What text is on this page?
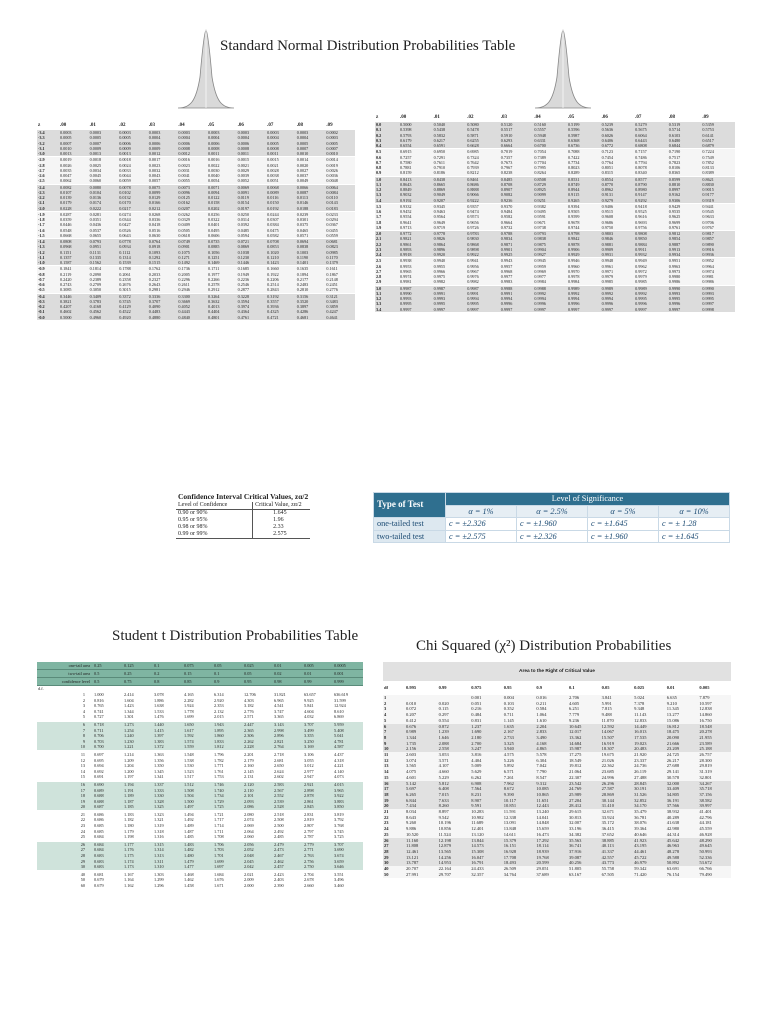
Standard Normal Distribution Probabilities Table
z	.00	.01	.02	.03	.04	.05	.06	.07	.08	.09
-3.4	0.0003	0.0003	0.0003	0.0003	0.0003	0.0003	0.0003	0.0003	0.0003	0.0002
-3.3	0.0005	0.0005	0.0005	0.0004	0.0004	0.0004	0.0004	0.0004	0.0004	0.0003
-3.2	0.0007	0.0007	0.0006	0.0006	0.0006	0.0006	0.0006	0.0005	0.0005	0.0005
-3.1	0.0010	0.0009	0.0009	0.0009	0.0008	0.0008	0.0008	0.0008	0.0007	0.0007
-3.0	0.0013	0.0013	0.0013	0.0012	0.0012	0.0011	0.0011	0.0011	0.0010	0.0010
-2.9	0.0019	0.0018	0.0018	0.0017	0.0016	0.0016	0.0015	0.0015	0.0014	0.0014
-2.8	0.0026	0.0025	0.0024	0.0023	0.0023	0.0022	0.0021	0.0021	0.0020	0.0019
-2.7	0.0035	0.0034	0.0033	0.0032	0.0031	0.0030	0.0029	0.0028	0.0027	0.0026
-2.6	0.0047	0.0045	0.0044	0.0043	0.0041	0.0040	0.0039	0.0038	0.0037	0.0036
-2.5	0.0062	0.0060	0.0059	0.0057	0.0055	0.0054	0.0052	0.0051	0.0049	0.0048
-2.4	0.0082	0.0080	0.0078	0.0075	0.0073	0.0071	0.0069	0.0068	0.0066	0.0064
-2.3	0.0107	0.0104	0.0102	0.0099	0.0096	0.0094	0.0091	0.0089	0.0087	0.0084
-2.2	0.0139	0.0136	0.0132	0.0129	0.0125	0.0122	0.0119	0.0116	0.0113	0.0110
-2.1	0.0179	0.0174	0.0170	0.0166	0.0162	0.0158	0.0154	0.0150	0.0146	0.0143
-2.0	0.0228	0.0222	0.0217	0.0212	0.0207	0.0202	0.0197	0.0192	0.0188	0.0183
-1.9	0.0287	0.0281	0.0274	0.0268	0.0262	0.0256	0.0250	0.0244	0.0239	0.0233
-1.8	0.0359	0.0351	0.0344	0.0336	0.0329	0.0322	0.0314	0.0307	0.0301	0.0294
-1.7	0.0446	0.0436	0.0427	0.0418	0.0409	0.0401	0.0392	0.0384	0.0375	0.0367
-1.6	0.0548	0.0537	0.0526	0.0516	0.0505	0.0495	0.0485	0.0475	0.0465	0.0455
-1.5	0.0668	0.0655	0.0643	0.0630	0.0618	0.0606	0.0594	0.0582	0.0571	0.0559
-1.4	0.0808	0.0793	0.0778	0.0764	0.0749	0.0735	0.0721	0.0708	0.0694	0.0681
-1.3	0.0968	0.0951	0.0934	0.0918	0.0901	0.0885	0.0869	0.0853	0.0838	0.0823
-1.2	0.1151	0.1131	0.1112	0.1093	0.1075	0.1056	0.1038	0.1020	0.1003	0.0985
-1.1	0.1357	0.1335	0.1314	0.1292	0.1271	0.1251	0.1230	0.1210	0.1190	0.1170
-1.0	0.1587	0.1562	0.1539	0.1515	0.1492	0.1469	0.1446	0.1423	0.1401	0.1379
-0.9	0.1841	0.1814	0.1788	0.1762	0.1736	0.1711	0.1685	0.1660	0.1635	0.1611
-0.8	0.2119	0.2090	0.2061	0.2033	0.2005	0.1977	0.1949	0.1922	0.1894	0.1867
-0.7	0.2420	0.2389	0.2358	0.2327	0.2296	0.2266	0.2236	0.2206	0.2177	0.2148
-0.6	0.2743	0.2709	0.2676	0.2643	0.2611	0.2578	0.2546	0.2514	0.2483	0.2451
-0.5	0.3085	0.3050	0.3015	0.2981	0.2946	0.2912	0.2877	0.2843	0.2810	0.2776
-0.4	0.3446	0.3409	0.3372	0.3336	0.3300	0.3264	0.3228	0.3192	0.3156	0.3121
-0.3	0.3821	0.3783	0.3745	0.3707	0.3669	0.3632	0.3594	0.3557	0.3520	0.3483
-0.2	0.4207	0.4168	0.4129	0.4090	0.4052	0.4013	0.3974	0.3936	0.3897	0.3859
-0.1	0.4602	0.4562	0.4522	0.4483	0.4443	0.4404	0.4364	0.4325	0.4286	0.4247
-0.0	0.5000	0.4960	0.4920	0.4880	0.4840	0.4801	0.4761	0.4721	0.4681	0.4641
z	.00	.01	.02	.03	.04	.05	.06	.07	.08	.09
0.0	0.5000	0.5040	0.5080	0.5120	0.5160	0.5199	0.5239	0.5279	0.5319	0.5359
0.1	0.5398	0.5438	0.5478	0.5517	0.5557	0.5596	0.5636	0.5675	0.5714	0.5753
0.2	0.5793	0.5832	0.5871	0.5910	0.5948	0.5987	0.6026	0.6064	0.6103	0.6141
0.3	0.6179	0.6217	0.6255	0.6293	0.6331	0.6368	0.6406	0.6443	0.6480	0.6517
0.4	0.6554	0.6591	0.6628	0.6664	0.6700	0.6736	0.6772	0.6808	0.6844	0.6879
0.5	0.6915	0.6950	0.6985	0.7019	0.7054	0.7088	0.7123	0.7157	0.7190	0.7224
0.6	0.7257	0.7291	0.7324	0.7357	0.7389	0.7422	0.7454	0.7486	0.7517	0.7549
0.7	0.7580	0.7611	0.7642	0.7673	0.7704	0.7734	0.7764	0.7794	0.7823	0.7852
0.8	0.7881	0.7910	0.7939	0.7967	0.7995	0.8023	0.8051	0.8078	0.8106	0.8133
0.9	0.8159	0.8186	0.8212	0.8238	0.8264	0.8289	0.8315	0.8340	0.8365	0.8389
1.0	0.8413	0.8438	0.8461	0.8485	0.8508	0.8531	0.8554	0.8577	0.8599	0.8621
1.1	0.8643	0.8665	0.8686	0.8708	0.8729	0.8749	0.8770	0.8790	0.8810	0.8830
1.2	0.8849	0.8869	0.8888	0.8907	0.8925	0.8944	0.8962	0.8980	0.8997	0.9015
1.3	0.9032	0.9049	0.9066	0.9082	0.9099	0.9115	0.9131	0.9147	0.9162	0.9177
1.4	0.9192	0.9207	0.9222	0.9236	0.9251	0.9265	0.9279	0.9292	0.9306	0.9319
1.5	0.9332	0.9345	0.9357	0.9370	0.9382	0.9394	0.9406	0.9418	0.9429	0.9441
1.6	0.9452	0.9463	0.9474	0.9484	0.9495	0.9505	0.9515	0.9525	0.9535	0.9545
1.7	0.9554	0.9564	0.9573	0.9582	0.9591	0.9599	0.9608	0.9616	0.9625	0.9633
1.8	0.9641	0.9649	0.9656	0.9664	0.9671	0.9678	0.9686	0.9693	0.9699	0.9706
1.9	0.9713	0.9719	0.9726	0.9732	0.9738	0.9744	0.9750	0.9756	0.9761	0.9767
2.0	0.9772	0.9778	0.9783	0.9788	0.9793	0.9798	0.9803	0.9808	0.9812	0.9817
2.1	0.9821	0.9826	0.9830	0.9834	0.9838	0.9842	0.9846	0.9850	0.9854	0.9857
2.2	0.9861	0.9864	0.9868	0.9871	0.9875	0.9878	0.9881	0.9884	0.9887	0.9890
2.3	0.9893	0.9896	0.9898	0.9901	0.9904	0.9906	0.9909	0.9911	0.9913	0.9916
2.4	0.9918	0.9920	0.9922	0.9925	0.9927	0.9929	0.9931	0.9932	0.9934	0.9936
2.5	0.9938	0.9940	0.9941	0.9943	0.9945	0.9946	0.9948	0.9949	0.9951	0.9952
2.6	0.9953	0.9955	0.9956	0.9957	0.9959	0.9960	0.9961	0.9962	0.9963	0.9964
2.7	0.9965	0.9966	0.9967	0.9968	0.9969	0.9970	0.9971	0.9972	0.9973	0.9974
2.8	0.9974	0.9975	0.9976	0.9977	0.9977	0.9978	0.9979	0.9979	0.9980	0.9981
2.9	0.9981	0.9982	0.9982	0.9983	0.9984	0.9984	0.9985	0.9985	0.9986	0.9986
3.0	0.9987	0.9987	0.9987	0.9988	0.9988	0.9989	0.9989	0.9989	0.9990	0.9990
3.1	0.9990	0.9991	0.9991	0.9991	0.9992	0.9992	0.9992	0.9992	0.9993	0.9993
3.2	0.9993	0.9993	0.9994	0.9994	0.9994	0.9994	0.9994	0.9995	0.9995	0.9995
3.3	0.9995	0.9995	0.9995	0.9996	0.9996	0.9996	0.9996	0.9996	0.9996	0.9997
3.4	0.9997	0.9997	0.9997	0.9997	0.9997	0.9997	0.9997	0.9997	0.9997	0.9998
Confidence Interval Critical Values, zα/2	
Level of Confidence	Critical Value, zα/2
0.90 or 90%	1.645
0.95 or 95%	1.96
0.98 or 98%	2.33
0.99 or 99%	2.575
Type of Test	Level of Significance			
	α = 1%	α = 2.5%	α = 5%	α = 10%
one-tailed test	c = ±2.326	c = ±1.960	c = ±1.645	c = ± 1.28
two-tailed test	c = ±2.575	c = ±2.326	c = ±1.960	c = ±1.645
Student t Distribution Probabilities Table
one-tail area	0.25	0.125	0.1	0.075	0.05	0.025	0.01	0.005	0.0005
two-tail area	0.5	0.25	0.2	0.15	0.1	0.05	0.02	0.01	0.001
confidence level	0.5	0.75	0.8	0.85	0.9	0.95	0.98	0.99	0.999
d.f.									
1	1.000	2.414	3.078	4.165	6.314	12.706	31.821	63.657	636.619
2	0.816	1.604	1.886	2.282	2.920	4.303	6.965	9.925	31.599
3	0.765	1.423	1.638	1.924	2.353	3.182	4.541	5.841	12.924
4	0.741	1.344	1.533	1.778	2.132	2.776	3.747	4.604	8.610
5	0.727	1.301	1.476	1.699	2.015	2.571	3.365	4.032	6.869
6	0.718	1.273	1.440	1.650	1.943	2.447	3.143	3.707	5.959
7	0.711	1.254	1.415	1.617	1.895	2.365	2.998	3.499	5.408
8	0.706	1.240	1.397	1.592	1.860	2.306	2.896	3.355	5.041
9	0.703	1.230	1.383	1.574	1.833	2.262	2.821	3.250	4.781
10	0.700	1.221	1.372	1.559	1.812	2.228	2.764	3.169	4.587
11	0.697	1.214	1.363	1.548	1.796	2.201	2.718	3.106	4.437
12	0.695	1.209	1.356	1.538	1.782	2.179	2.681	3.055	4.318
13	0.694	1.204	1.350	1.530	1.771	2.160	2.650	3.012	4.221
14	0.692	1.200	1.345	1.523	1.761	2.145	2.624	2.977	4.140
15	0.691	1.197	1.341	1.517	1.753	2.131	2.602	2.947	4.073
16	0.690	1.194	1.337	1.512	1.746	2.120	2.583	2.921	4.015
17	0.689	1.191	1.333	1.508	1.740	2.110	2.567	2.898	3.965
18	0.688	1.189	1.330	1.504	1.734	2.101	2.552	2.878	3.922
19	0.688	1.187	1.328	1.500	1.729	2.093	2.539	2.861	3.883
20	0.687	1.185	1.325	1.497	1.725	2.086	2.528	2.845	3.850
21	0.686	1.183	1.323	1.494	1.721	2.080	2.518	2.831	3.819
22	0.686	1.182	1.321	1.492	1.717	2.074	2.508	2.819	3.792
23	0.685	1.180	1.319	1.489	1.714	2.069	2.500	2.807	3.768
24	0.685	1.179	1.318	1.487	1.711	2.064	2.492	2.797	3.745
25	0.684	1.198	1.316	1.485	1.708	2.060	2.485	2.787	3.725
26	0.684	1.177	1.315	1.483	1.706	2.056	2.479	2.779	3.707
27	0.684	1.176	1.314	1.482	1.703	2.052	2.473	2.771	3.690
28	0.683	1.175	1.313	1.480	1.701	2.048	2.467	2.763	3.674
29	0.683	1.174	1.311	1.479	1.699	2.045	2.462	2.756	3.659
30	0.683	1.173	1.310	1.477	1.697	2.042	2.457	2.750	3.646
40	0.681	1.167	1.303	1.468	1.684	2.021	2.423	2.704	3.551
50	0.679	1.164	1.299	1.462	1.676	2.009	2.403	2.678	3.496
60	0.679	1.162	1.296	1.458	1.671	2.000	2.390	2.660	3.460
Chi Squared (χ²) Distribution Probabilities
Area to the Right of Critical Value
df	0.995	0.99	0.975	0.95	0.9	0.1	0.05	0.025	0.01	0.005
1			0.001	0.004	0.016	2.706	3.841	5.024	6.635	7.879
2	0.010	0.020	0.051	0.103	0.211	4.605	5.991	7.378	9.210	10.597
3	0.072	0.115	0.216	0.352	0.584	6.251	7.815	9.348	11.345	12.838
4	0.207	0.297	0.484	0.711	1.064	7.779	9.488	11.143	13.277	14.860
5	0.412	0.554	0.831	1.145	1.610	9.236	11.070	12.833	15.086	16.750
6	0.676	0.872	1.237	1.635	2.204	10.645	12.592	14.449	16.812	18.548
7	0.989	1.239	1.690	2.167	2.833	12.017	14.067	16.013	18.475	20.278
8	1.344	1.646	2.180	2.733	3.490	13.362	15.507	17.535	20.090	21.955
9	1.735	2.088	2.700	3.325	4.168	14.684	16.919	19.023	21.666	23.589
10	2.156	2.558	3.247	3.940	4.865	15.987	18.307	20.483	23.209	25.188
11	2.603	3.053	3.816	4.575	5.578	17.275	19.675	21.920	24.725	26.757
12	3.074	3.571	4.404	5.226	6.304	18.549	21.026	23.337	26.217	28.300
13	3.565	4.107	5.009	5.892	7.042	19.812	22.362	24.736	27.688	29.819
14	4.075	4.660	5.629	6.571	7.790	21.064	23.685	26.119	29.141	31.319
15	4.601	5.229	6.262	7.261	8.547	22.307	24.996	27.488	30.578	32.801
16	5.142	5.812	6.908	7.962	9.312	23.542	26.296	28.845	32.000	34.267
17	5.697	6.408	7.564	8.672	10.085	24.769	27.587	30.191	33.409	35.718
18	6.265	7.015	8.231	9.390	10.865	25.989	28.869	31.526	34.805	37.156
19	6.844	7.633	8.907	10.117	11.651	27.204	30.144	32.852	36.191	38.582
20	7.434	8.260	9.591	10.851	12.443	28.412	31.410	34.170	37.566	39.997
21	8.034	8.897	10.283	11.591	13.240	29.615	32.671	35.479	38.932	41.401
22	8.643	9.542	10.982	12.338	14.041	30.813	33.924	36.781	40.289	42.796
23	9.260	10.196	11.689	13.091	14.848	32.007	35.172	38.076	41.638	44.181
24	9.886	10.856	12.401	13.848	15.659	33.196	36.415	39.364	42.980	45.559
25	10.520	11.524	13.120	14.611	16.473	34.382	37.652	40.646	44.314	46.928
26	11.160	12.198	13.844	15.379	17.292	35.563	38.885	41.923	45.642	48.290
27	11.808	12.879	14.573	16.151	18.114	36.741	40.113	43.195	46.963	49.645
28	12.461	13.565	15.308	16.928	18.939	37.916	41.337	44.461	48.278	50.993
29	13.121	14.256	16.047	17.708	19.768	39.087	42.557	45.722	49.588	52.336
30	13.787	14.953	16.791	18.493	20.599	40.256	43.773	46.979	50.892	53.672
40	20.707	22.164	24.433	26.509	29.051	51.805	55.758	59.342	63.691	66.766
50	27.991	29.707	32.357	34.764	37.689	63.167	67.505	71.420	76.154	79.490
